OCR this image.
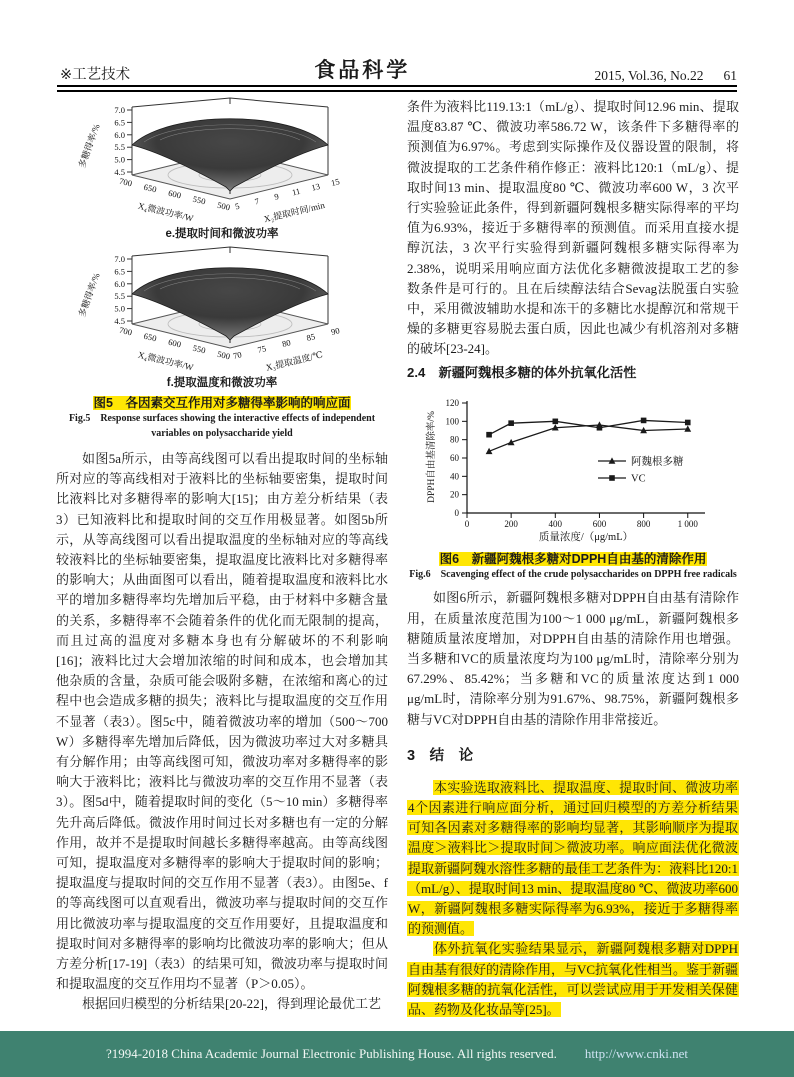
※工艺技术	食品科学	2015, Vol.36, No.22 61
7.0
6.5
6.0
5.5
5.0
4.5
700 650 600 550 500 5 7 9 11 13 15
X₄微波功率/W	X₂提取时间/min
多糖得率/%
e.提取时间和微波功率
7.0
6.5
6.0
5.5
5.0
4.5
700 650 600 550 500 70
75
80
85
90
X₄微波功率/W	X₃提取温度/℃
多糖得率/%
f.提取温度和微波功率
图5　各因素交互作用对多糖得率影响的响应面
Fig.5　Response surfaces showing the interactive effects of independent
variables on polysaccharide yield

如图5a所示，由等高线图可以看出提取时间的坐标轴所对应的等高线相对于液料比的坐标轴要密集，提取时间比液料比对多糖得率的影响大[15]；由方差分析结果（表3）已知液料比和提取时间的交互作用极显著。如图5b所示，从等高线图可以看出提取温度的坐标轴对应的等高线较液料比的坐标轴要密集，提取温度比液料比对多糖得率的影响大；从曲面图可以看出，随着提取温度和液料比水平的增加多糖得率均先增加后平稳，由于材料中多糖含量的关系，多糖得率不会随着条件的优化而无限制的提高，而且过高的温度对多糖本身也有分解破坏的不利影响[16]；液料比过大会增加浓缩的时间和成本，也会增加其他杂质的含量，杂质可能会吸附多糖，在浓缩和离心的过程中也会造成多糖的损失；液料比与提取温度的交互作用不显著（表3）。图5c中，随着微波功率的增加（500～700 W）多糖得率先增加后降低，因为微波功率过大对多糖具有分解作用；由等高线图可知，微波功率对多糖得率的影响大于液料比；液料比与微波功率的交互作用不显著（表3）。图5d中，随着提取时间的变化（5～10 min）多糖得率先升高后降低。微波作用时间过长对多糖也有一定的分解作用，故并不是提取时间越长多糖得率越高。由等高线图可知，提取温度对多糖得率的影响大于提取时间的影响；提取温度与提取时间的交互作用不显著（表3）。由图5e、f的等高线图可以直观看出，微波功率与提取时间的交互作用比微波功率与提取温度的交互作用要好，且提取温度和提取时间对多糖得率的影响均比微波功率的影响大；但从方差分析[17-19]（表3）的结果可知，微波功率与提取时间和提取温度的交互作用均不显著（P＞0.05）。

根据回归模型的分析结果[20-22]，得到理论最优工艺

条件为液料比119.13:1（mL/g）、提取时间12.96 min、提取温度83.87 ℃、微波功率586.72 W，该条件下多糖得率的预测值为6.97%。考虑到实际操作及仪器设置的限制，将微波提取的工艺条件稍作修正：液料比120:1（mL/g）、提取时间13 min、提取温度80 ℃、微波功率600 W，3 次平行实验验证此条件，得到新疆阿魏根多糖实际得率的平均值为6.93%，接近于多糖得率的预测值。而采用直接水提醇沉法，3 次平行实验得到新疆阿魏根多糖实际得率为2.38%，说明采用响应面方法优化多糖微波提取工艺的参数条件是可行的。且在后续醇法结合Sevag法脱蛋白实验中，采用微波辅助水提和冻干的多糖比水提醇沉和常规干燥的多糖更容易脱去蛋白质，因此也减少有机溶剂对多糖的破坏[23-24]。

2.4　新疆阿魏根多糖的体外抗氧化活性
0
20
40
60
80
100
120
0	200	400	600	800	1 000
阿魏根多糖
VC
DPPH自由基清除率/%
质量浓度/（μg/mL）
图6　新疆阿魏根多糖对DPPH自由基的清除作用
Fig.6　Scavenging effect of the crude polysaccharides on DPPH free radicals

如图6所示，新疆阿魏根多糖对DPPH自由基有清除作用，在质量浓度范围为100～1 000 μg/mL，新疆阿魏根多糖随质量浓度增加，对DPPH自由基的清除作用也增强。当多糖和VC的质量浓度均为100 μg/mL时，清除率分别为67.29%、85.42%；当多糖和VC的质量浓度达到1 000 μg/mL时，清除率分别为91.67%、98.75%，新疆阿魏根多糖与VC对DPPH自由基的清除作用非常接近。

3　结　论

本实验选取液料比、提取温度、提取时间、微波功率4个因素进行响应面分析，通过回归模型的方差分析结果可知各因素对多糖得率的影响均显著，其影响顺序为提取温度＞液料比＞提取时间＞微波功率。响应面法优化微波提取新疆阿魏水溶性多糖的最佳工艺条件为：液料比120:1（mL/g）、提取时间13 min、提取温度80 ℃、微波功率600 W，新疆阿魏根多糖实际得率为6.93%，接近于多糖得率的预测值。

体外抗氧化实验结果显示，新疆阿魏根多糖对DPPH自由基有很好的清除作用，与VC抗氧化性相当。鉴于新疆阿魏根多糖的抗氧化活性，可以尝试应用于开发相关保健品、药物及化妆品等[25]。

?1994-2018 China Academic Journal Electronic Publishing House. All rights reserved. http://www.cnki.net
